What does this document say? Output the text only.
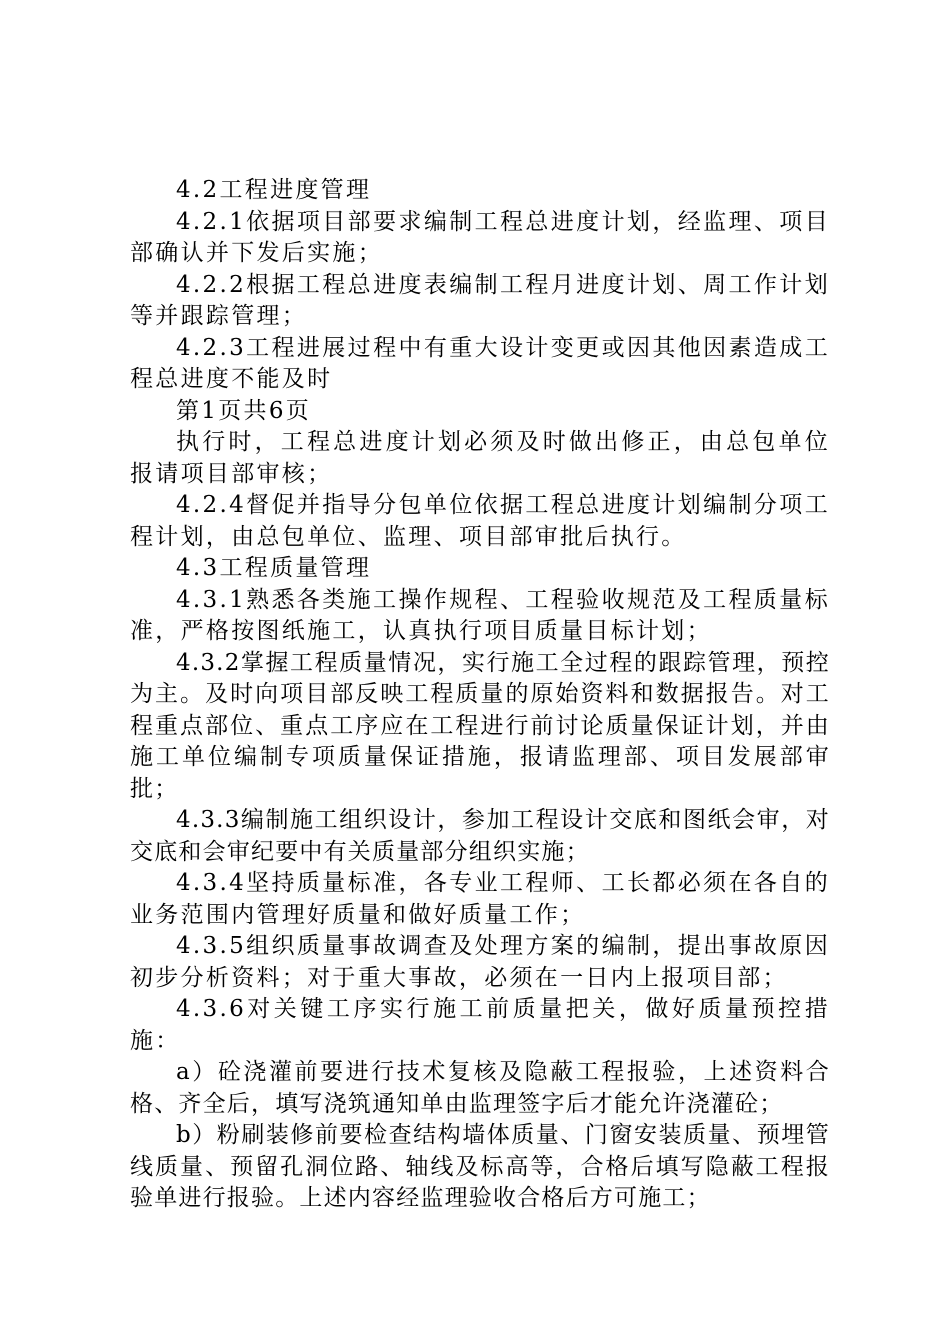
4.2工程进度管理

4.2.1依据项目部要求编制工程总进度计划，经监理、项目部确认并下发后实施；

4.2.2根据工程总进度表编制工程月进度计划、周工作计划等并跟踪管理；

4.2.3工程进展过程中有重大设计变更或因其他因素造成工程总进度不能及时

第1页共6页

执行时，工程总进度计划必须及时做出修正，由总包单位报请项目部审核；

4.2.4督促并指导分包单位依据工程总进度计划编制分项工程计划，由总包单位、监理、项目部审批后执行。

4.3工程质量管理

4.3.1熟悉各类施工操作规程、工程验收规范及工程质量标准，严格按图纸施工，认真执行项目质量目标计划；

4.3.2掌握工程质量情况，实行施工全过程的跟踪管理，预控为主。及时向项目部反映工程质量的原始资料和数据报告。对工程重点部位、重点工序应在工程进行前讨论质量保证计划，并由施工单位编制专项质量保证措施，报请监理部、项目发展部审批；

4.3.3编制施工组织设计，参加工程设计交底和图纸会审，对交底和会审纪要中有关质量部分组织实施；

4.3.4坚持质量标准，各专业工程师、工长都必须在各自的业务范围内管理好质量和做好质量工作；

4.3.5组织质量事故调查及处理方案的编制，提出事故原因初步分析资料；对于重大事故，必须在一日内上报项目部；

4.3.6对关键工序实行施工前质量把关，做好质量预控措施：

a）砼浇灌前要进行技术复核及隐蔽工程报验，上述资料合格、齐全后，填写浇筑通知单由监理签字后才能允许浇灌砼；

b）粉刷装修前要检查结构墙体质量、门窗安装质量、预埋管线质量、预留孔洞位路、轴线及标高等，合格后填写隐蔽工程报验单进行报验。上述内容经监理验收合格后方可施工；
